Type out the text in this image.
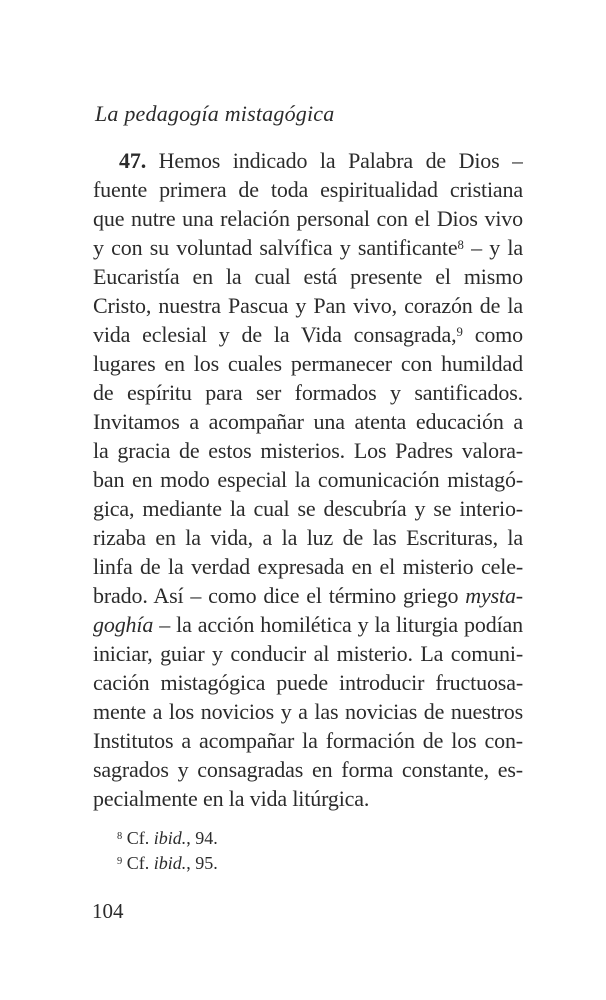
La pedagogía mistagógica
47. Hemos indicado la Palabra de Dios –
fuente primera de toda espiritualidad cristiana
que nutre una relación personal con el Dios vivo
y con su voluntad salvífica y santificante$^8$ – y la
Eucaristía en la cual está presente el mismo
Cristo, nuestra Pascua y Pan vivo, corazón de la
vida eclesial y de la Vida consagrada,$^9$ como
lugares en los cuales permanecer con humildad
de espíritu para ser formados y santificados.
Invitamos a acompañar una atenta educación a
la gracia de estos misterios. Los Padres valora-
ban en modo especial la comunicación mistagó-
gica, mediante la cual se descubría y se interio-
rizaba en la vida, a la luz de las Escrituras, la
linfa de la verdad expresada en el misterio cele-
brado. Así – como dice el término griego mysta-
goghía – la acción homilética y la liturgia podían
iniciar, guiar y conducir al misterio. La comuni-
cación mistagógica puede introducir fructuosa-
mente a los novicios y a las novicias de nuestros
Institutos a acompañar la formación de los con-
sagrados y consagradas en forma constante, es-
pecialmente en la vida litúrgica.
$^8$ Cf. ibid., 94.
$^9$ Cf. ibid., 95.
104
